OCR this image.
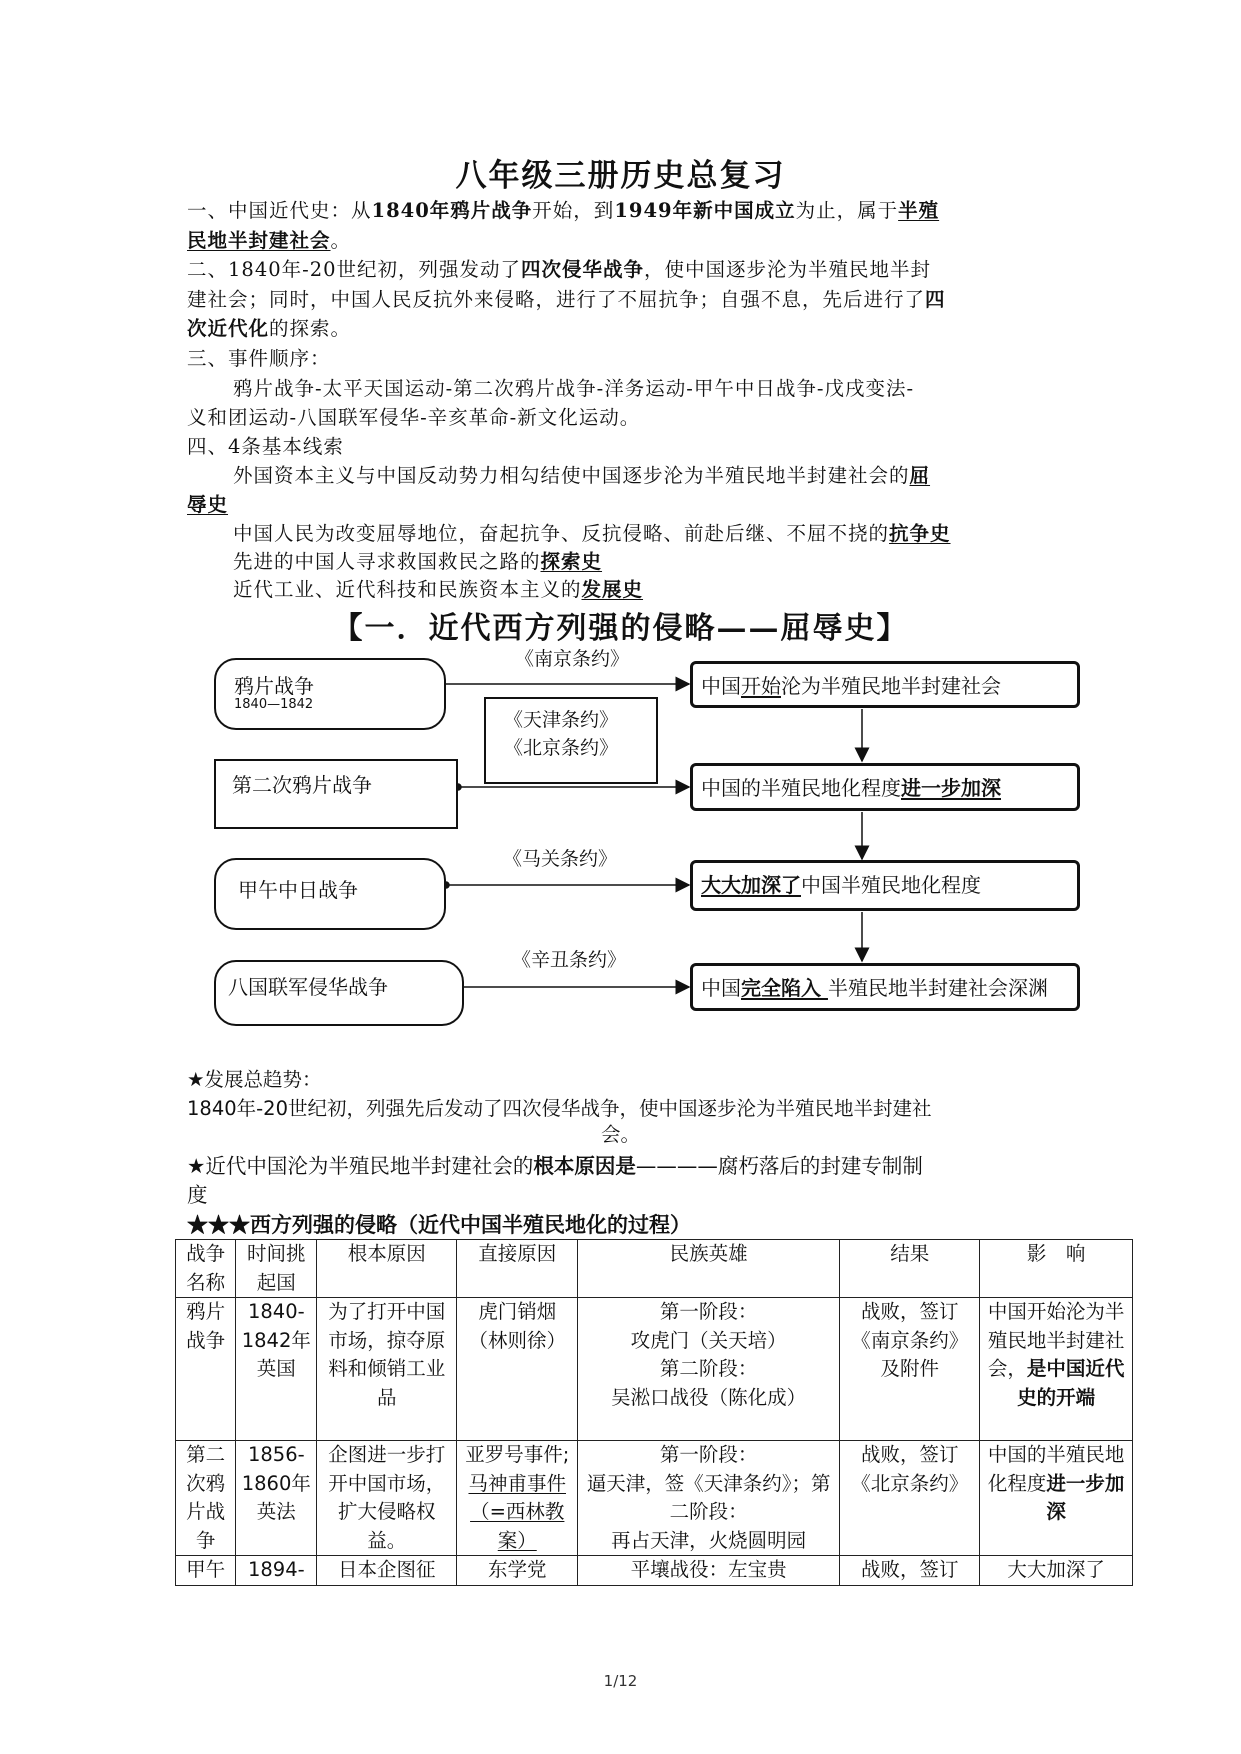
八年级三册历史总复习
一、中国近代史：从1840年鸦片战争开始，到1949年新中国成立为止，属于半殖
民地半封建社会。
二、1840年-20世纪初，列强发动了四次侵华战争，使中国逐步沦为半殖民地半封
建社会；同时，中国人民反抗外来侵略，进行了不屈抗争；自强不息，先后进行了四
次近代化的探索。
三、事件顺序：
鸦片战争-太平天国运动-第二次鸦片战争-洋务运动-甲午中日战争-戊戌变法-
义和团运动-八国联军侵华-辛亥革命-新文化运动。
四、4条基本线索
外国资本主义与中国反动势力相勾结使中国逐步沦为半殖民地半封建社会的屈
辱史
中国人民为改变屈辱地位，奋起抗争、反抗侵略、前赴后继、不屈不挠的抗争史
先进的中国人寻求救国救民之路的探索史
近代工业、近代科技和民族资本主义的发展史
【一．近代西方列强的侵略——屈辱史】
鸦片战争
1840—1842
第二次鸦片战争
甲午中日战争
八国联军侵华战争
《南京条约》
《天津条约》
《北京条约》
《马关条约》
《辛丑条约》
中国开始沦为半殖民地半封建社会
中国的半殖民地化程度进一步加深
大大加深了中国半殖民地化程度
中国完全陷入 半殖民地半封建社会深渊
★发展总趋势：
1840年-20世纪初，列强先后发动了四次侵华战争，使中国逐步沦为半殖民地半封建社
会。
★近代中国沦为半殖民地半封建社会的根本原因是————腐朽落后的封建专制制
度
★★★西方列强的侵略（近代中国半殖民地化的过程）
战争名称	时间挑起国	根本原因	直接原因	民族英雄	结果	影　响
鸦片战争	1840-1842年英国	为了打开中国市场，掠夺原料和倾销工业品	虎门销烟（林则徐）	第一阶段：
攻虎门（关天培）
第二阶段：
吴淞口战役（陈化成）	战败，签订《南京条约》及附件	中国开始沦为半殖民地半封建社会，是中国近代史的开端
第二次鸦片战争	1856-1860年英法	企图进一步打开中国市场，扩大侵略权益。	亚罗号事件;马神甫事件（=西林教案）	第一阶段：
逼天津，签《天津条约》；第二阶段：
再占天津，火烧圆明园	战败，签订《北京条约》	中国的半殖民地化程度进一步加深
甲午	1894-	日本企图征	东学党	平壤战役：左宝贵	战败，签订	大大加深了
1/12
